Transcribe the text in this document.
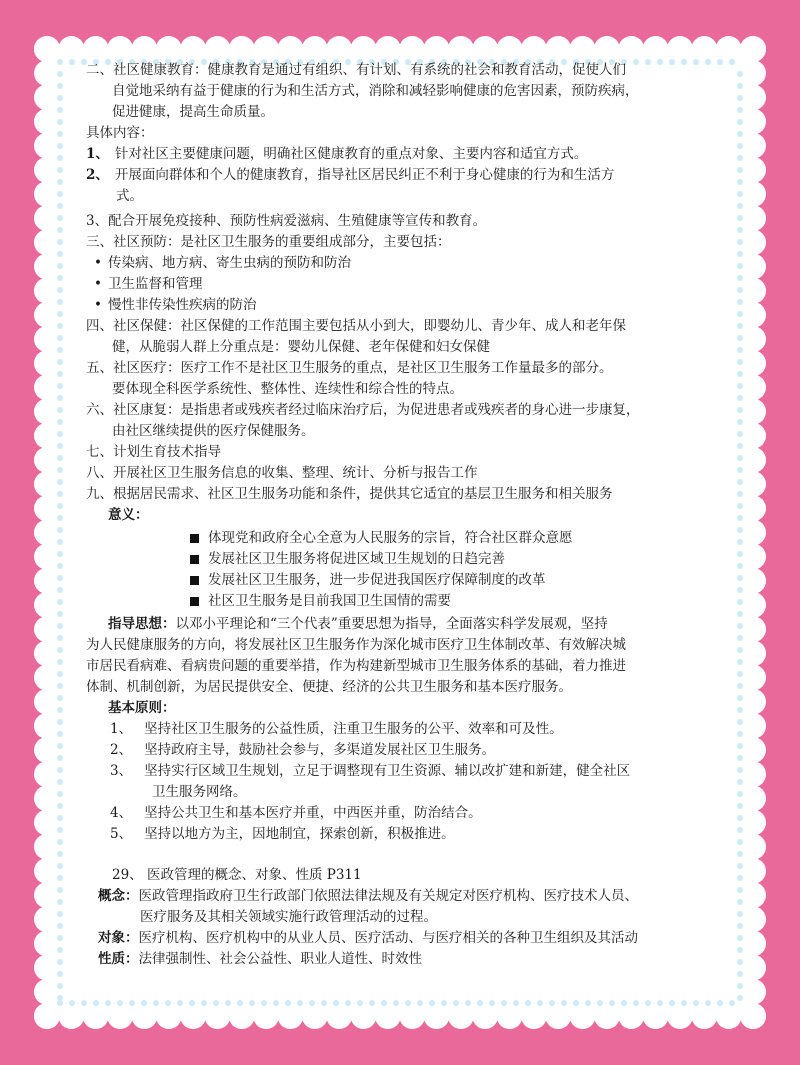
二、社区健康教育：健康教育是通过有组织、有计划、有系统的社会和教育活动，促使人们

自觉地采纳有益于健康的行为和生活方式，消除和减轻影响健康的危害因素，预防疾病，

促进健康，提高生命质量。

具体内容：

1、 针对社区主要健康问题，明确社区健康教育的重点对象、主要内容和适宜方式。

2、 开展面向群体和个人的健康教育，指导社区居民纠正不利于身心健康的行为和生活方

式。

3、配合开展免疫接种、预防性病爱滋病、生殖健康等宣传和教育。

三、社区预防：是社区卫生服务的重要组成部分，主要包括：

• 传染病、地方病、寄生虫病的预防和防治
• 卫生监督和管理
• 慢性非传染性疾病的防治

四、社区保健：社区保健的工作范围主要包括从小到大，即婴幼儿、青少年、成人和老年保

健，从脆弱人群上分重点是：婴幼儿保健、老年保健和妇女保健

五、社区医疗：医疗工作不是社区卫生服务的重点，是社区卫生服务工作量最多的部分。

要体现全科医学系统性、整体性、连续性和综合性的特点。

六、社区康复：是指患者或残疾者经过临床治疗后，为促进患者或残疾者的身心进一步康复，

由社区继续提供的医疗保健服务。

七、计划生育技术指导

八、开展社区卫生服务信息的收集、整理、统计、分析与报告工作

九、根据居民需求、社区卫生服务功能和条件，提供其它适宜的基层卫生服务和相关服务

意义：

体现党和政府全心全意为人民服务的宗旨，符合社区群众意愿
发展社区卫生服务将促进区域卫生规划的日趋完善
发展社区卫生服务，进一步促进我国医疗保障制度的改革
社区卫生服务是目前我国卫生国情的需要

指导思想：以邓小平理论和“三个代表”重要思想为指导，全面落实科学发展观，坚持

为人民健康服务的方向，将发展社区卫生服务作为深化城市医疗卫生体制改革、有效解决城

市居民看病难、看病贵问题的重要举措，作为构建新型城市卫生服务体系的基础，着力推进

体制、机制创新，为居民提供安全、便捷、经济的公共卫生服务和基本医疗服务。

基本原则：

1、 坚持社区卫生服务的公益性质，注重卫生服务的公平、效率和可及性。

2、 坚持政府主导，鼓励社会参与，多渠道发展社区卫生服务。

3、 坚持实行区域卫生规划，立足于调整现有卫生资源、辅以改扩建和新建，健全社区

卫生服务网络。

4、 坚持公共卫生和基本医疗并重，中西医并重，防治结合。

5、 坚持以地方为主，因地制宜，探索创新，积极推进。

29、 医政管理的概念、对象、性质 P311

概念：医政管理指政府卫生行政部门依照法律法规及有关规定对医疗机构、医疗技术人员、

医疗服务及其相关领域实施行政管理活动的过程。

对象：医疗机构、医疗机构中的从业人员、医疗活动、与医疗相关的各种卫生组织及其活动

性质：法律强制性、社会公益性、职业人道性、时效性
